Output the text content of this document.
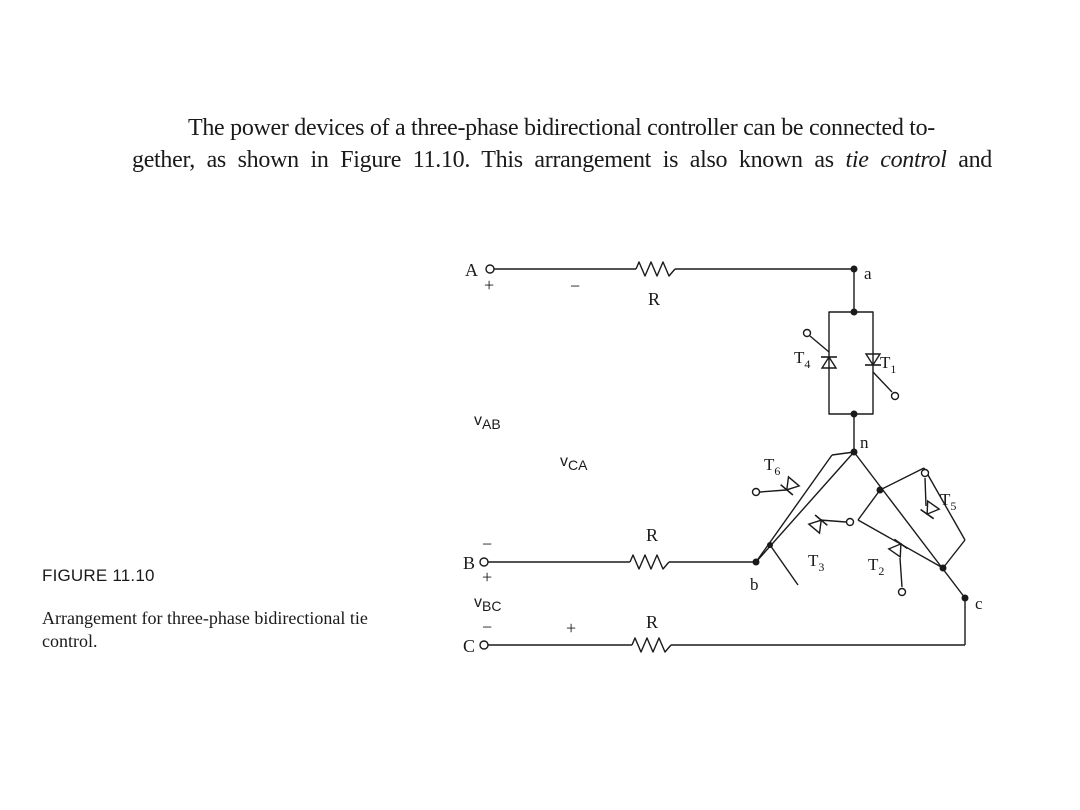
The power devices of a three-phase bidirectional controller can be connected to-
gether, as shown in Figure 11.10. This arrangement is also known as tie control and

FIGURE 11.10
Arrangement for three-phase bidirectional tie control.
A
B
C
a
n
b
c
R
R
R
+	−
−
+
−	+
vAB
vCA
vBC
$T_4$	$T_1$
$T_6$
$T_3$
$T_5$
$T_2$
